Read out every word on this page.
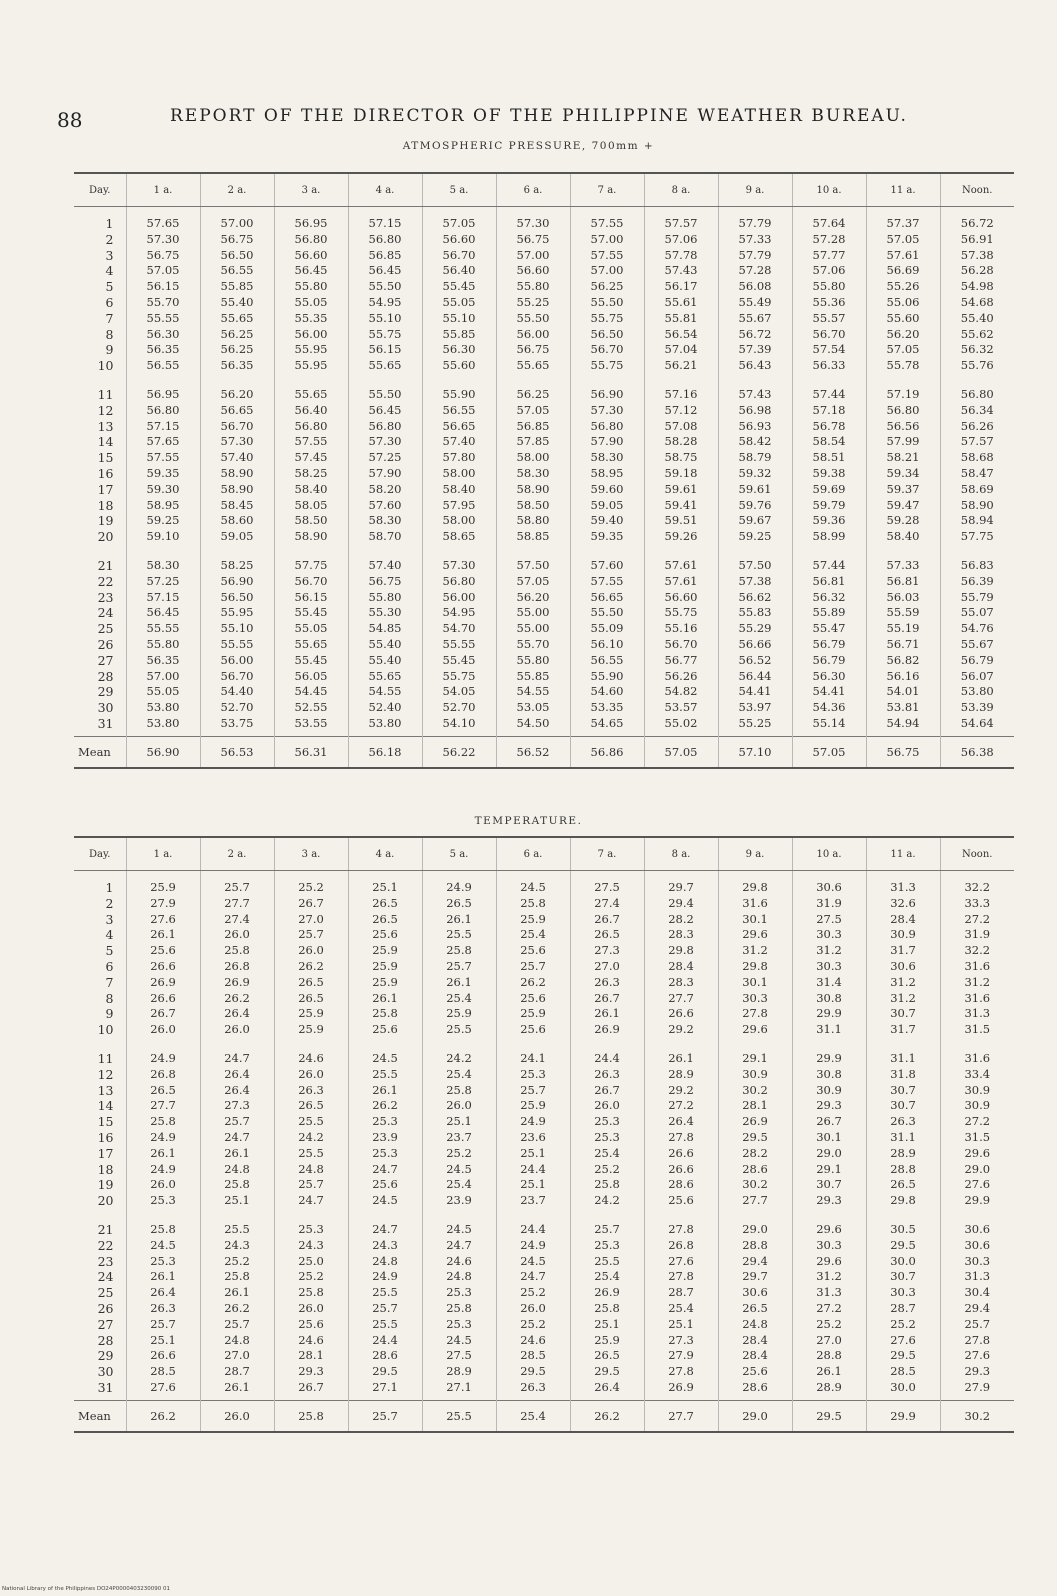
88	REPORT OF THE DIRECTOR OF THE PHILIPPINE WEATHER BUREAU.
ATMOSPHERIC PRESSURE, 700mm +
Day.	1 a.	2 a.	3 a.	4 a.	5 a.	6 a.	7 a.	8 a.	9 a.	10 a.	11 a.	Noon.
1	57.65	57.00	56.95	57.15	57.05	57.30	57.55	57.57	57.79	57.64	57.37	56.72
2	57.30	56.75	56.80	56.80	56.60	56.75	57.00	57.06	57.33	57.28	57.05	56.91
3	56.75	56.50	56.60	56.85	56.70	57.00	57.55	57.78	57.79	57.77	57.61	57.38
4	57.05	56.55	56.45	56.45	56.40	56.60	57.00	57.43	57.28	57.06	56.69	56.28
5	56.15	55.85	55.80	55.50	55.45	55.80	56.25	56.17	56.08	55.80	55.26	54.98
6	55.70	55.40	55.05	54.95	55.05	55.25	55.50	55.61	55.49	55.36	55.06	54.68
7	55.55	55.65	55.35	55.10	55.10	55.50	55.75	55.81	55.67	55.57	55.60	55.40
8	56.30	56.25	56.00	55.75	55.85	56.00	56.50	56.54	56.72	56.70	56.20	55.62
9	56.35	56.25	55.95	56.15	56.30	56.75	56.70	57.04	57.39	57.54	57.05	56.32
10	56.55	56.35	55.95	55.65	55.60	55.65	55.75	56.21	56.43	56.33	55.78	55.76
11	56.95	56.20	55.65	55.50	55.90	56.25	56.90	57.16	57.43	57.44	57.19	56.80
12	56.80	56.65	56.40	56.45	56.55	57.05	57.30	57.12	56.98	57.18	56.80	56.34
13	57.15	56.70	56.80	56.80	56.65	56.85	56.80	57.08	56.93	56.78	56.56	56.26
14	57.65	57.30	57.55	57.30	57.40	57.85	57.90	58.28	58.42	58.54	57.99	57.57
15	57.55	57.40	57.45	57.25	57.80	58.00	58.30	58.75	58.79	58.51	58.21	58.68
16	59.35	58.90	58.25	57.90	58.00	58.30	58.95	59.18	59.32	59.38	59.34	58.47
17	59.30	58.90	58.40	58.20	58.40	58.90	59.60	59.61	59.61	59.69	59.37	58.69
18	58.95	58.45	58.05	57.60	57.95	58.50	59.05	59.41	59.76	59.79	59.47	58.90
19	59.25	58.60	58.50	58.30	58.00	58.80	59.40	59.51	59.67	59.36	59.28	58.94
20	59.10	59.05	58.90	58.70	58.65	58.85	59.35	59.26	59.25	58.99	58.40	57.75
21	58.30	58.25	57.75	57.40	57.30	57.50	57.60	57.61	57.50	57.44	57.33	56.83
22	57.25	56.90	56.70	56.75	56.80	57.05	57.55	57.61	57.38	56.81	56.81	56.39
23	57.15	56.50	56.15	55.80	56.00	56.20	56.65	56.60	56.62	56.32	56.03	55.79
24	56.45	55.95	55.45	55.30	54.95	55.00	55.50	55.75	55.83	55.89	55.59	55.07
25	55.55	55.10	55.05	54.85	54.70	55.00	55.09	55.16	55.29	55.47	55.19	54.76
26	55.80	55.55	55.65	55.40	55.55	55.70	56.10	56.70	56.66	56.79	56.71	55.67
27	56.35	56.00	55.45	55.40	55.45	55.80	56.55	56.77	56.52	56.79	56.82	56.79
28	57.00	56.70	56.05	55.65	55.75	55.85	55.90	56.26	56.44	56.30	56.16	56.07
29	55.05	54.40	54.45	54.55	54.05	54.55	54.60	54.82	54.41	54.41	54.01	53.80
30	53.80	52.70	52.55	52.40	52.70	53.05	53.35	53.57	53.97	54.36	53.81	53.39
31	53.80	53.75	53.55	53.80	54.10	54.50	54.65	55.02	55.25	55.14	54.94	54.64
Mean	56.90	56.53	56.31	56.18	56.22	56.52	56.86	57.05	57.10	57.05	56.75	56.38
TEMPERATURE.
Day.	1 a.	2 a.	3 a.	4 a.	5 a.	6 a.	7 a.	8 a.	9 a.	10 a.	11 a.	Noon.
1	25.9	25.7	25.2	25.1	24.9	24.5	27.5	29.7	29.8	30.6	31.3	32.2
2	27.9	27.7	26.7	26.5	26.5	25.8	27.4	29.4	31.6	31.9	32.6	33.3
3	27.6	27.4	27.0	26.5	26.1	25.9	26.7	28.2	30.1	27.5	28.4	27.2
4	26.1	26.0	25.7	25.6	25.5	25.4	26.5	28.3	29.6	30.3	30.9	31.9
5	25.6	25.8	26.0	25.9	25.8	25.6	27.3	29.8	31.2	31.2	31.7	32.2
6	26.6	26.8	26.2	25.9	25.7	25.7	27.0	28.4	29.8	30.3	30.6	31.6
7	26.9	26.9	26.5	25.9	26.1	26.2	26.3	28.3	30.1	31.4	31.2	31.2
8	26.6	26.2	26.5	26.1	25.4	25.6	26.7	27.7	30.3	30.8	31.2	31.6
9	26.7	26.4	25.9	25.8	25.9	25.9	26.1	26.6	27.8	29.9	30.7	31.3
10	26.0	26.0	25.9	25.6	25.5	25.6	26.9	29.2	29.6	31.1	31.7	31.5
11	24.9	24.7	24.6	24.5	24.2	24.1	24.4	26.1	29.1	29.9	31.1	31.6
12	26.8	26.4	26.0	25.5	25.4	25.3	26.3	28.9	30.9	30.8	31.8	33.4
13	26.5	26.4	26.3	26.1	25.8	25.7	26.7	29.2	30.2	30.9	30.7	30.9
14	27.7	27.3	26.5	26.2	26.0	25.9	26.0	27.2	28.1	29.3	30.7	30.9
15	25.8	25.7	25.5	25.3	25.1	24.9	25.3	26.4	26.9	26.7	26.3	27.2
16	24.9	24.7	24.2	23.9	23.7	23.6	25.3	27.8	29.5	30.1	31.1	31.5
17	26.1	26.1	25.5	25.3	25.2	25.1	25.4	26.6	28.2	29.0	28.9	29.6
18	24.9	24.8	24.8	24.7	24.5	24.4	25.2	26.6	28.6	29.1	28.8	29.0
19	26.0	25.8	25.7	25.6	25.4	25.1	25.8	28.6	30.2	30.7	26.5	27.6
20	25.3	25.1	24.7	24.5	23.9	23.7	24.2	25.6	27.7	29.3	29.8	29.9
21	25.8	25.5	25.3	24.7	24.5	24.4	25.7	27.8	29.0	29.6	30.5	30.6
22	24.5	24.3	24.3	24.3	24.7	24.9	25.3	26.8	28.8	30.3	29.5	30.6
23	25.3	25.2	25.0	24.8	24.6	24.5	25.5	27.6	29.4	29.6	30.0	30.3
24	26.1	25.8	25.2	24.9	24.8	24.7	25.4	27.8	29.7	31.2	30.7	31.3
25	26.4	26.1	25.8	25.5	25.3	25.2	26.9	28.7	30.6	31.3	30.3	30.4
26	26.3	26.2	26.0	25.7	25.8	26.0	25.8	25.4	26.5	27.2	28.7	29.4
27	25.7	25.7	25.6	25.5	25.3	25.2	25.1	25.1	24.8	25.2	25.2	25.7
28	25.1	24.8	24.6	24.4	24.5	24.6	25.9	27.3	28.4	27.0	27.6	27.8
29	26.6	27.0	28.1	28.6	27.5	28.5	26.5	27.9	28.4	28.8	29.5	27.6
30	28.5	28.7	29.3	29.5	28.9	29.5	29.5	27.8	25.6	26.1	28.5	29.3
31	27.6	26.1	26.7	27.1	27.1	26.3	26.4	26.9	28.6	28.9	30.0	27.9
Mean	26.2	26.0	25.8	25.7	25.5	25.4	26.2	27.7	29.0	29.5	29.9	30.2
National Library of the Philippines DO24P0000403230090 01
